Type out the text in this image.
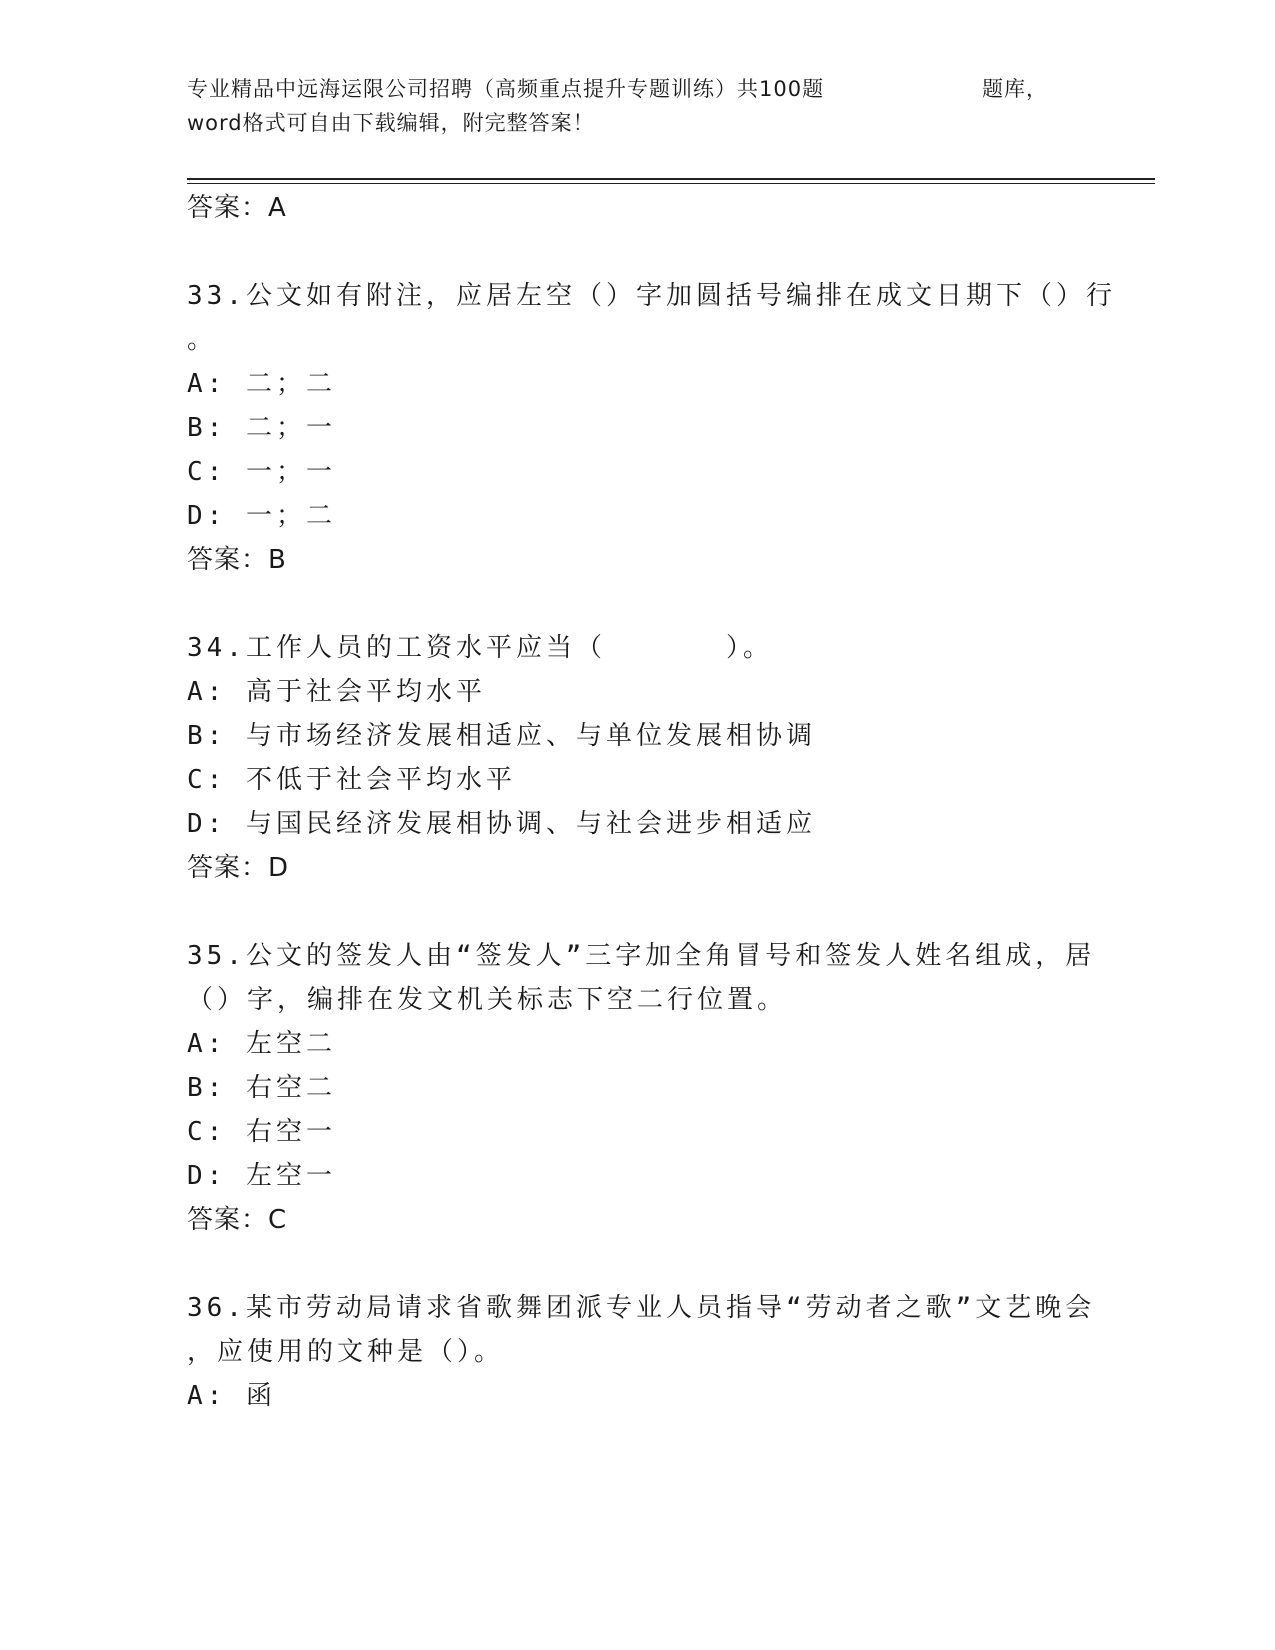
专业精品中远海运限公司招聘（高频重点提升专题训练）共100题	题库，
word格式可自由下载编辑，附完整答案！
答案：A
33.公文如有附注，应居左空（）字加圆括号编排在成文日期下（）行
。
A: 二；二
B: 二；一
C: 一；一
D: 一；二
答案：B
34.工作人员的工资水平应当（　　　　）。
A: 高于社会平均水平
B: 与市场经济发展相适应、与单位发展相协调
C: 不低于社会平均水平
D: 与国民经济发展相协调、与社会进步相适应
答案：D
35.公文的签发人由“签发人”三字加全角冒号和签发人姓名组成，居
（）字，编排在发文机关标志下空二行位置。
A: 左空二
B: 右空二
C: 右空一
D: 左空一
答案：C
36.某市劳动局请求省歌舞团派专业人员指导“劳动者之歌”文艺晚会
，应使用的文种是（）。
A: 函
